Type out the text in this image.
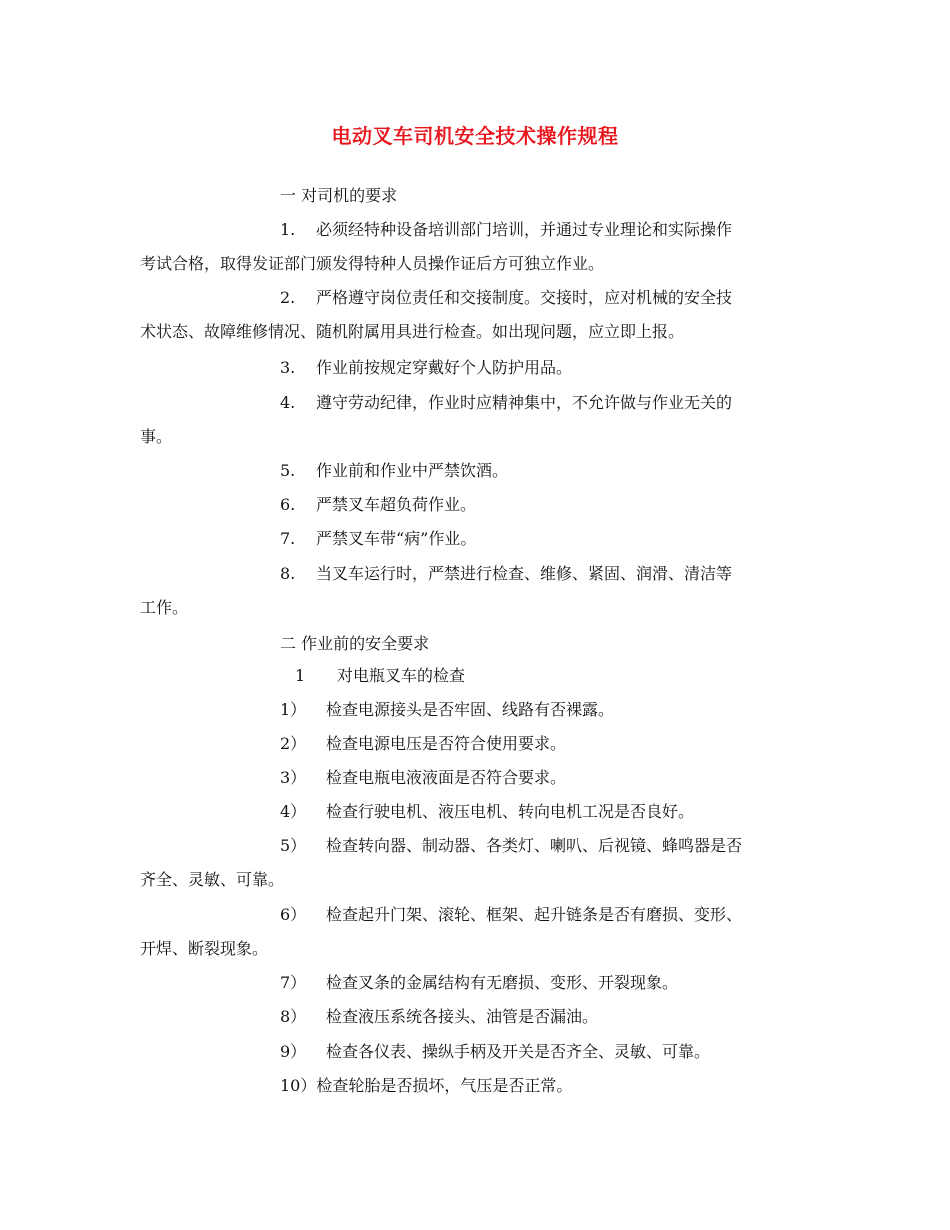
电动叉车司机安全技术操作规程
一 对司机的要求
1. 必须经特种设备培训部门培训，并通过专业理论和实际操作
考试合格，取得发证部门颁发得特种人员操作证后方可独立作业。
2. 严格遵守岗位责任和交接制度。交接时，应对机械的安全技
术状态、故障维修情况、随机附属用具进行检查。如出现问题，应立即上报。
3. 作业前按规定穿戴好个人防护用品。
4. 遵守劳动纪律，作业时应精神集中，不允许做与作业无关的
事。
5. 作业前和作业中严禁饮酒。
6. 严禁叉车超负荷作业。
7. 严禁叉车带“病”作业。
8. 当叉车运行时，严禁进行检查、维修、紧固、润滑、清洁等
工作。
二 作业前的安全要求
1 对电瓶叉车的检查
1） 检查电源接头是否牢固、线路有否裸露。
2） 检查电源电压是否符合使用要求。
3） 检查电瓶电液液面是否符合要求。
4） 检查行驶电机、液压电机、转向电机工况是否良好。
5） 检查转向器、制动器、各类灯、喇叭、后视镜、蜂鸣器是否
齐全、灵敏、可靠。
6） 检查起升门架、滚轮、框架、起升链条是否有磨损、变形、
开焊、断裂现象。
7） 检查叉条的金属结构有无磨损、变形、开裂现象。
8） 检查液压系统各接头、油管是否漏油。
9） 检查各仪表、操纵手柄及开关是否齐全、灵敏、可靠。
10）检查轮胎是否损坏，气压是否正常。
